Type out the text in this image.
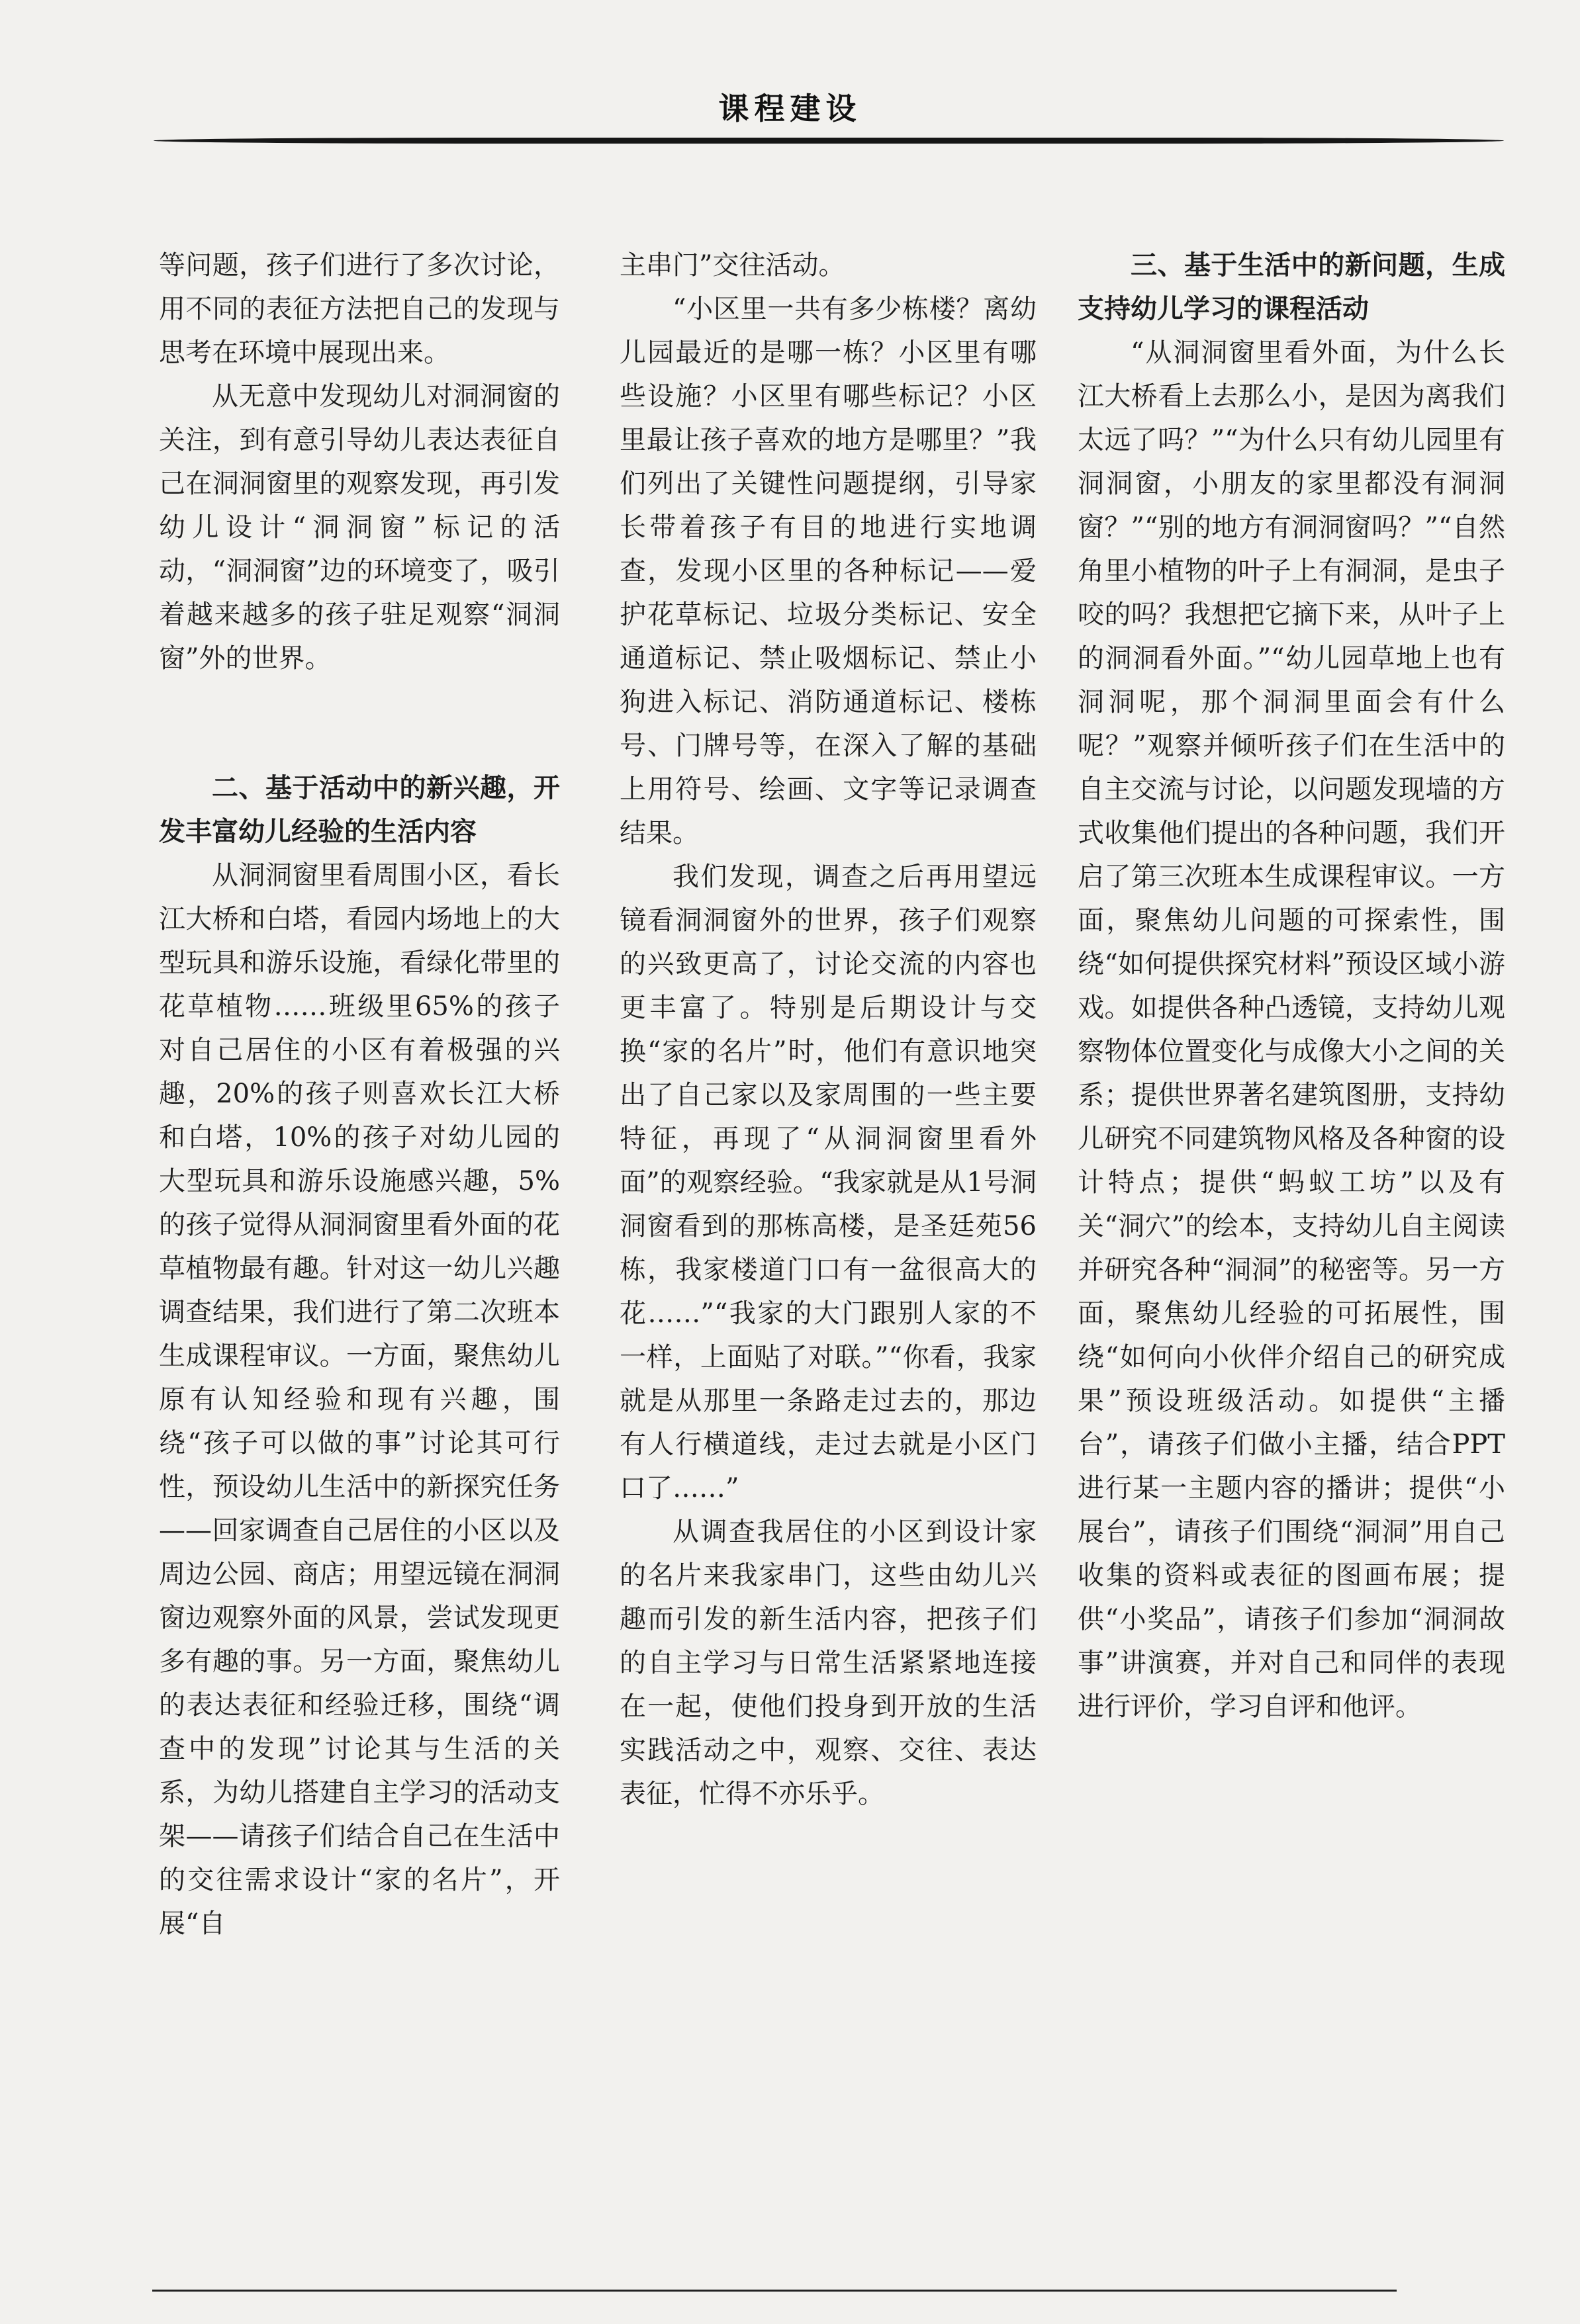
课程建设

等问题，孩子们进行了多次讨论，用不同的表征方法把自己的发现与思考在环境中展现出来。

从无意中发现幼儿对洞洞窗的关注，到有意引导幼儿表达表征自己在洞洞窗里的观察发现，再引发幼儿设计“洞洞窗”标记的活动，“洞洞窗”边的环境变了，吸引着越来越多的孩子驻足观察“洞洞窗”外的世界。

二、基于活动中的新兴趣，开发丰富幼儿经验的生活内容

从洞洞窗里看周围小区，看长江大桥和白塔，看园内场地上的大型玩具和游乐设施，看绿化带里的花草植物……班级里65%的孩子对自己居住的小区有着极强的兴趣，20%的孩子则喜欢长江大桥和白塔，10%的孩子对幼儿园的大型玩具和游乐设施感兴趣，5%的孩子觉得从洞洞窗里看外面的花草植物最有趣。针对这一幼儿兴趣调查结果，我们进行了第二次班本生成课程审议。一方面，聚焦幼儿原有认知经验和现有兴趣，围绕“孩子可以做的事”讨论其可行性，预设幼儿生活中的新探究任务——回家调查自己居住的小区以及周边公园、商店；用望远镜在洞洞窗边观察外面的风景，尝试发现更多有趣的事。另一方面，聚焦幼儿的表达表征和经验迁移，围绕“调查中的发现”讨论其与生活的关系，为幼儿搭建自主学习的活动支架——请孩子们结合自己在生活中的交往需求设计“家的名片”，开展“自

主串门”交往活动。

“小区里一共有多少栋楼？离幼儿园最近的是哪一栋？小区里有哪些设施？小区里有哪些标记？小区里最让孩子喜欢的地方是哪里？”我们列出了关键性问题提纲，引导家长带着孩子有目的地进行实地调查，发现小区里的各种标记——爱护花草标记、垃圾分类标记、安全通道标记、禁止吸烟标记、禁止小狗进入标记、消防通道标记、楼栋号、门牌号等，在深入了解的基础上用符号、绘画、文字等记录调查结果。

我们发现，调查之后再用望远镜看洞洞窗外的世界，孩子们观察的兴致更高了，讨论交流的内容也更丰富了。特别是后期设计与交换“家的名片”时，他们有意识地突出了自己家以及家周围的一些主要特征，再现了“从洞洞窗里看外面”的观察经验。“我家就是从1号洞洞窗看到的那栋高楼，是圣廷苑56栋，我家楼道门口有一盆很高大的花……”“我家的大门跟别人家的不一样，上面贴了对联。”“你看，我家就是从那里一条路走过去的，那边有人行横道线，走过去就是小区门口了……”

从调查我居住的小区到设计家的名片来我家串门，这些由幼儿兴趣而引发的新生活内容，把孩子们的自主学习与日常生活紧紧地连接在一起，使他们投身到开放的生活实践活动之中，观察、交往、表达表征，忙得不亦乐乎。

三、基于生活中的新问题，生成支持幼儿学习的课程活动

“从洞洞窗里看外面，为什么长江大桥看上去那么小，是因为离我们太远了吗？”“为什么只有幼儿园里有洞洞窗，小朋友的家里都没有洞洞窗？”“别的地方有洞洞窗吗？”“自然角里小植物的叶子上有洞洞，是虫子咬的吗？我想把它摘下来，从叶子上的洞洞看外面。”“幼儿园草地上也有洞洞呢，那个洞洞里面会有什么呢？”观察并倾听孩子们在生活中的自主交流与讨论，以问题发现墙的方式收集他们提出的各种问题，我们开启了第三次班本生成课程审议。一方面，聚焦幼儿问题的可探索性，围绕“如何提供探究材料”预设区域小游戏。如提供各种凸透镜，支持幼儿观察物体位置变化与成像大小之间的关系；提供世界著名建筑图册，支持幼儿研究不同建筑物风格及各种窗的设计特点；提供“蚂蚁工坊”以及有关“洞穴”的绘本，支持幼儿自主阅读并研究各种“洞洞”的秘密等。另一方面，聚焦幼儿经验的可拓展性，围绕“如何向小伙伴介绍自己的研究成果”预设班级活动。如提供“主播台”，请孩子们做小主播，结合PPT进行某一主题内容的播讲；提供“小展台”，请孩子们围绕“洞洞”用自己收集的资料或表征的图画布展；提供“小奖品”，请孩子们参加“洞洞故事”讲演赛，并对自己和同伴的表现进行评价，学习自评和他评。
